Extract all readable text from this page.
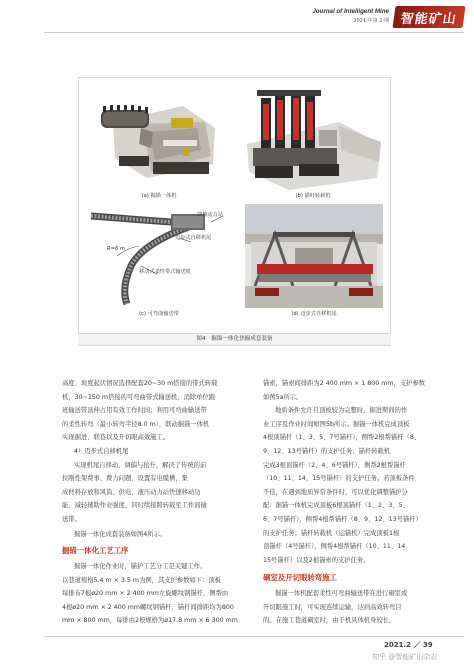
Journal of Intelligent Mine
2021 年第 2 期 智能矿山
(a) 掘锚一体机	(b) 锚杆转载机
穿梭动力站
迈步式自移机尾
移动式柔性带式输送机
R=6 m
(c) 可弯曲输送带	(d) 迈步式自移机尾
图4　掘锚一体化快掘成套装备

高度、坡度起伏情况选择配套20~30 m搭接的带式转载

机，30~150 m搭接的可弯曲带式输送机，消除单位跟

班输送带延伸占用有效工作时间；利用可弯曲输送带

的柔性转弯（最小转弯半径8.0 m），联动掘锚一体机

实现掘进、联巷以及开切眼高效施工。

4）迈步式自移机尾

实现机尾自移动、调偏与抬升，解决了传统的前

拉刚性架费事、费力问题，设置有电缆槽，集

成材料存放和风筒、供电、液压动力站快速移动功

能，减轻辅助作业强度，同时续接跨转载至工作面输

送带。

掘锚一体化成套装备如图4所示。

掘锚一体化工艺工序

掘锚一体化作业时，锚护工艺分工是关键工作。

以巷道规格5.4 m × 3.5 m为例，其支护参数如下：顶板

每排布7根ø20 mm × 2 400 mm左旋螺纹钢锚杆，侧帮由

4根ø20 mm × 2 400 mm螺纹钢锚杆，锚杆间排距均为800

mm × 800 mm，每排由2根规格为ø17.8 mm × 6 300 mm

锚索，锚索间排距为2 400 mm × 1 800 mm，支护参数

如图5a所示。

地质条件允许且顶板较为完整时，掘进期间的作

业工序及作业时间如图5b所示。掘锚一体机完成顶板

4根顶锚杆（1、3、5、7号锚杆），侧帮2根帮锚杆（8、

9、12、13号锚杆）的支护任务；锚杆转载机

完成3根顶锚杆（2、4、6号锚杆），侧帮2根帮锚杆

（10、11、14、15号锚杆）的支护任务。若顶板条件

不佳，在遇到地质异常条件时，可以优化调整锚护分

配：掘锚一体机完成顶板6根顶锚杆（1、2、3、5、

6、7号锚杆），侧帮4根帮锚杆（8、9、12、13号锚杆）

的支护任务；锚杆转载机（运锚机）完成顶板1根

顶锚杆（4号锚杆），侧帮4根帮锚杆（10、11、14、

15号锚杆）以及2根锚索的支护任务。

硐室及开切眼转弯施工

掘锚一体机配套柔性可弯曲输送带在进行硐室或

开切眼施工时，可实现连续运输，达到高效转弯目

的。在施工巷道硐室时，由于机具体机身较长，

2021.2 ／ 39
知乎 @智能矿山杂志
